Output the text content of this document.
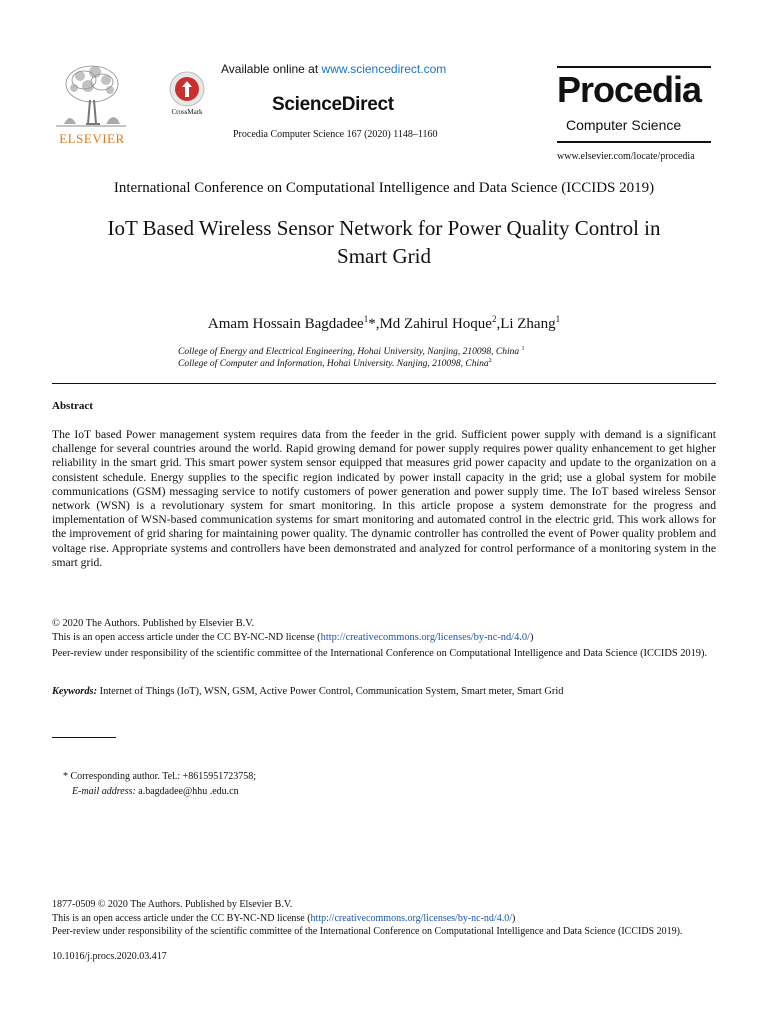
ELSEVIER
CrossMark
Available online at www.sciencedirect.com
ScienceDirect
Procedia Computer Science 167 (2020) 1148–1160
Procedia
Computer Science
www.elsevier.com/locate/procedia
International Conference on Computational Intelligence and Data Science (ICCIDS 2019)
IoT Based Wireless Sensor Network for Power Quality Control in
Smart Grid
Amam Hossain Bagdadee$^1$*,Md Zahirul Hoque$^2$,Li Zhang$^1$
College of Energy and Electrical Engineering, Hohai University, Nanjing, 210098, China $^1$
College of Computer and Information, Hohai University. Nanjing, 210098, China$^2$
Abstract
The IoT based Power management system requires data from the feeder in the grid. Sufficient power supply with demand is a significant challenge for several countries around the world. Rapid growing demand for power supply requires power quality enhancement to get higher reliability in the smart grid. This smart power system sensor equipped that measures grid power capacity and update to the organization on a consistent schedule. Energy supplies to the specific region indicated by power install capacity in the grid; use a global system for mobile communications (GSM) messaging service to notify customers of power generation and power supply time. The IoT based wireless Sensor network (WSN) is a revolutionary system for smart monitoring. In this article propose a system demonstrate for the progress and implementation of WSN-based communication systems for smart monitoring and automated control in the electric grid. This work allows for the improvement of grid sharing for maintaining power quality. The dynamic controller has controlled the event of Power quality problem and voltage rise. Appropriate systems and controllers have been demonstrated and analyzed for control performance of a monitoring system in the smart grid.
© 2020 The Authors. Published by Elsevier B.V.
This is an open access article under the CC BY-NC-ND license (http://creativecommons.org/licenses/by-nc-nd/4.0/)
Peer-review under responsibility of the scientific committee of the International Conference on Computational Intelligence and Data Science (ICCIDS 2019).
Keywords: Internet of Things (IoT), WSN, GSM, Active Power Control, Communication System, Smart meter, Smart Grid
* Corresponding author. Tel.: +8615951723758;
E-mail address: a.bagdadee@hhu .edu.cn
1877-0509 © 2020 The Authors. Published by Elsevier B.V.
This is an open access article under the CC BY-NC-ND license (http://creativecommons.org/licenses/by-nc-nd/4.0/)
Peer-review under responsibility of the scientific committee of the International Conference on Computational Intelligence and Data Science (ICCIDS 2019).
10.1016/j.procs.2020.03.417
